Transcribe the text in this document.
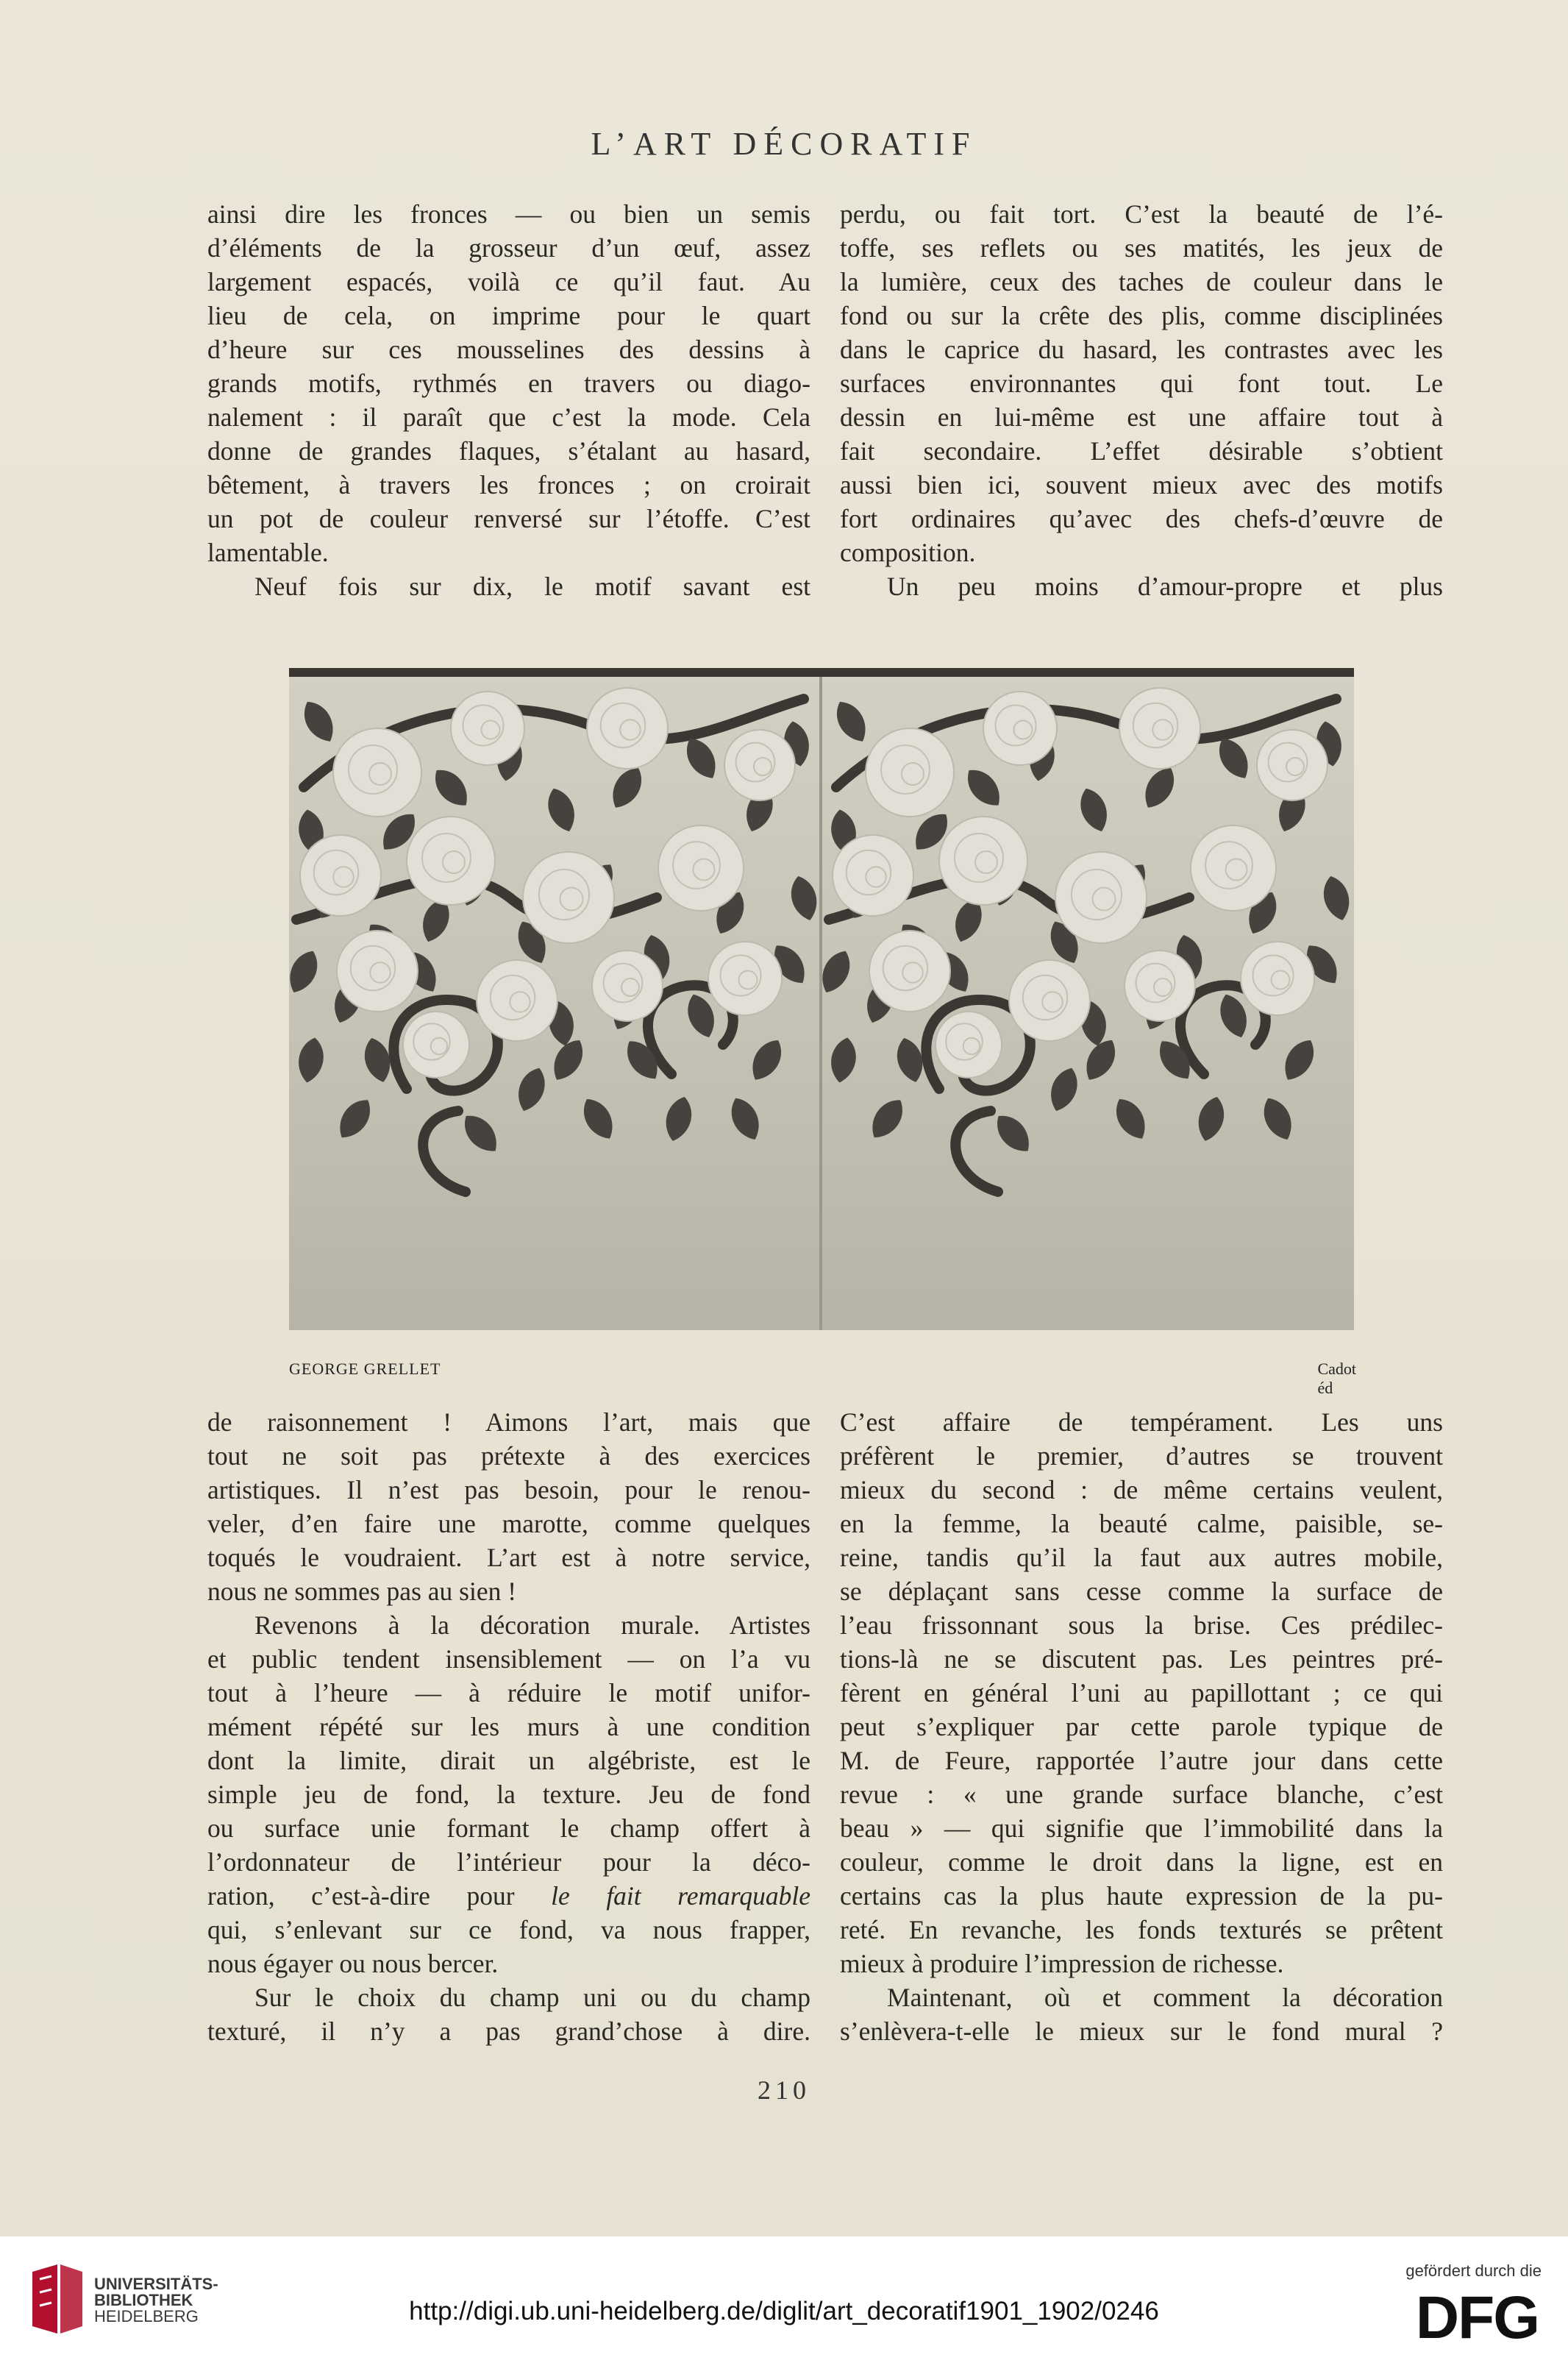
L’ART DÉCORATIF
ainsi dire les fronces — ou bien un semis
d’éléments de la grosseur d’un œuf, assez
largement espacés, voilà ce qu’il faut. Au
lieu de cela, on imprime pour le quart
d’heure sur ces mousselines des dessins à
grands motifs, rythmés en travers ou diago-
nalement : il paraît que c’est la mode. Cela
donne de grandes flaques, s’étalant au hasard,
bêtement, à travers les fronces ; on croirait
un pot de couleur renversé sur l’étoffe. C’est
lamentable.
Neuf fois sur dix, le motif savant est
perdu, ou fait tort. C’est la beauté de l’é-
toffe, ses reflets ou ses matités, les jeux de
la lumière, ceux des taches de couleur dans le
fond ou sur la crête des plis, comme disciplinées
dans le caprice du hasard, les contrastes avec les
surfaces environnantes qui font tout. Le
dessin en lui-même est une affaire tout à
fait secondaire. L’effet désirable s’obtient
aussi bien ici, souvent mieux avec des motifs
fort ordinaires qu’avec des chefs-d’œuvre de
composition.
Un peu moins d’amour-propre et plus
GEORGE GRELLET	Cadot éd
de raisonnement ! Aimons l’art, mais que
tout ne soit pas prétexte à des exercices
artistiques. Il n’est pas besoin, pour le renou-
veler, d’en faire une marotte, comme quelques
toqués le voudraient. L’art est à notre service,
nous ne sommes pas au sien !
Revenons à la décoration murale. Artistes
et public tendent insensiblement — on l’a vu
tout à l’heure — à réduire le motif unifor-
mément répété sur les murs à une condition
dont la limite, dirait un algébriste, est le
simple jeu de fond, la texture. Jeu de fond
ou surface unie formant le champ offert à
l’ordonnateur de l’intérieur pour la déco-
ration, c’est-à-dire pour le fait remarquable
qui, s’enlevant sur ce fond, va nous frapper,
nous égayer ou nous bercer.
Sur le choix du champ uni ou du champ
texturé, il n’y a pas grand’chose à dire.
C’est affaire de tempérament. Les uns
préfèrent le premier, d’autres se trouvent
mieux du second : de même certains veulent,
en la femme, la beauté calme, paisible, se-
reine, tandis qu’il la faut aux autres mobile,
se déplaçant sans cesse comme la surface de
l’eau frissonnant sous la brise. Ces prédilec-
tions-là ne se discutent pas. Les peintres pré-
fèrent en général l’uni au papillottant ; ce qui
peut s’expliquer par cette parole typique de
M. de Feure, rapportée l’autre jour dans cette
revue : « une grande surface blanche, c’est
beau » — qui signifie que l’immobilité dans la
couleur, comme le droit dans la ligne, est en
certains cas la plus haute expression de la pu-
reté. En revanche, les fonds texturés se prêtent
mieux à produire l’impression de richesse.
Maintenant, où et comment la décoration
s’enlèvera-t-elle le mieux sur le fond mural ?
210
UNIVERSITÄTS-
BIBLIOTHEK
HEIDELBERG	http://digi.ub.uni-heidelberg.de/diglit/art_decoratif1901_1902/0246
gefördert durch die
DFG
